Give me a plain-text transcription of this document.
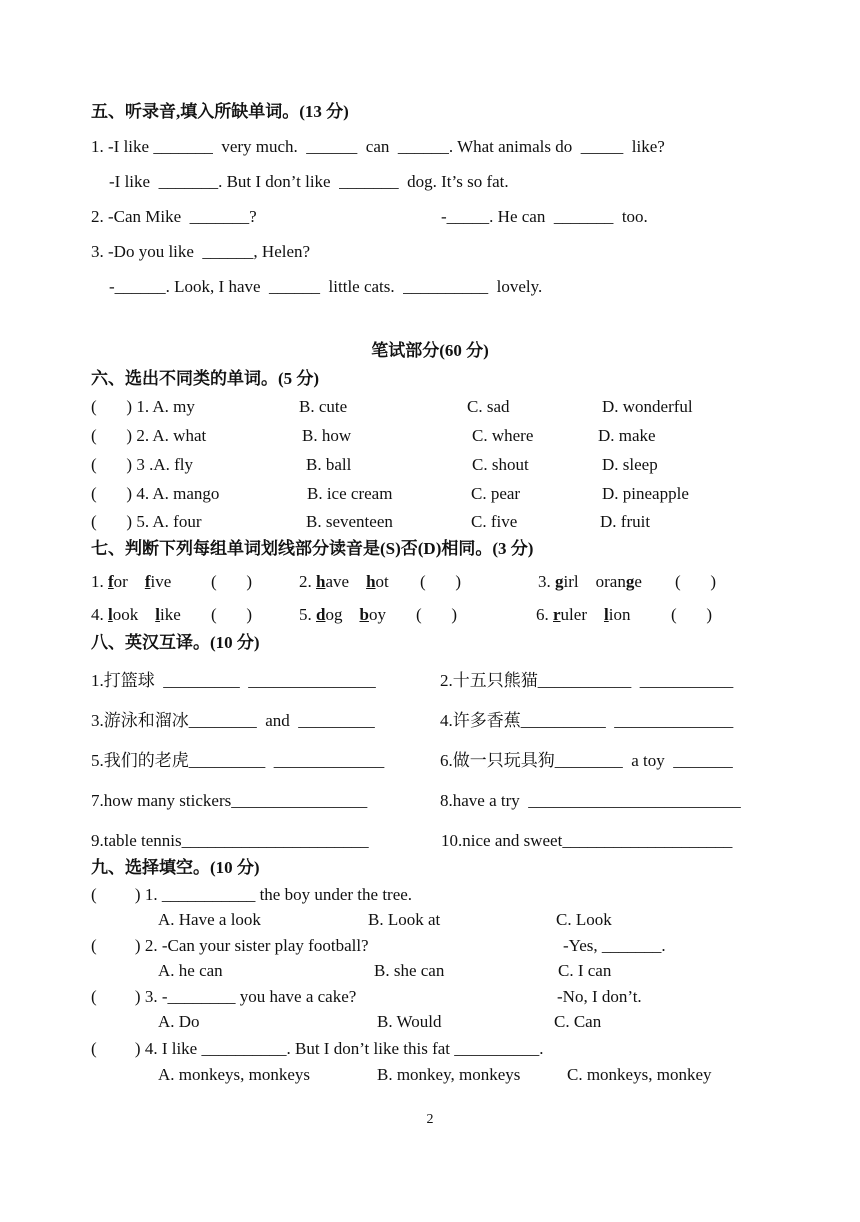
五、听录音,填入所缺单词。(13 分)
1. -I like _______  very much.  ______  can  ______. What animals do  _____  like?
-I like  _______. But I don’t like  _______  dog. It’s so fat.
2. -Can Mike  _______?	-_____. He can  _______  too.
3. -Do you like  ______, Helen?
-______. Look, I have  ______  little cats.  __________  lovely.
笔试部分(60 分)
六、选出不同类的单词。(5 分)
(       ) 1. A. my	B. cute	C. sad	D. wonderful
(       ) 2. A. what	B. how	C. where	D. make
(       ) 3 .A. fly	B. ball	C. shout	D. sleep
(       ) 4. A. mango	B. ice cream	C. pear	D. pineapple
(       ) 5. A. four	B. seventeen	C. five	D. fruit
七、判断下列每组单词划线部分读音是(S)否(D)相同。(3 分)
1. for five (       )	2. have hot (       )	3. girl orange (       )
4. look like (       )	5. dog boy (       )	6. ruler lion (       )
八、英汉互译。(10 分)
1.打篮球  _________  _______________	2.十五只熊猫___________  ___________
3.游泳和溜冰________  and  _________	4.许多香蕉__________  ______________
5.我们的老虎_________  _____________	6.做一只玩具狗________  a toy  _______
7.how many stickers________________	8.have a try  _________________________
9.table tennis______________________	10.nice and sweet____________________
九、选择填空。(10 分)
(         ) 1. ___________ the boy under the tree.
A. Have a look	B. Look at	C. Look
(         ) 2. -Can your sister play football?	-Yes, _______.
A. he can	B. she can	C. I can
(         ) 3. -________ you have a cake?	-No, I don’t.
A. Do	B. Would	C. Can
(         ) 4. I like __________. But I don’t like this fat __________.
A. monkeys, monkeys	B. monkey, monkeys	C. monkeys, monkey
2
